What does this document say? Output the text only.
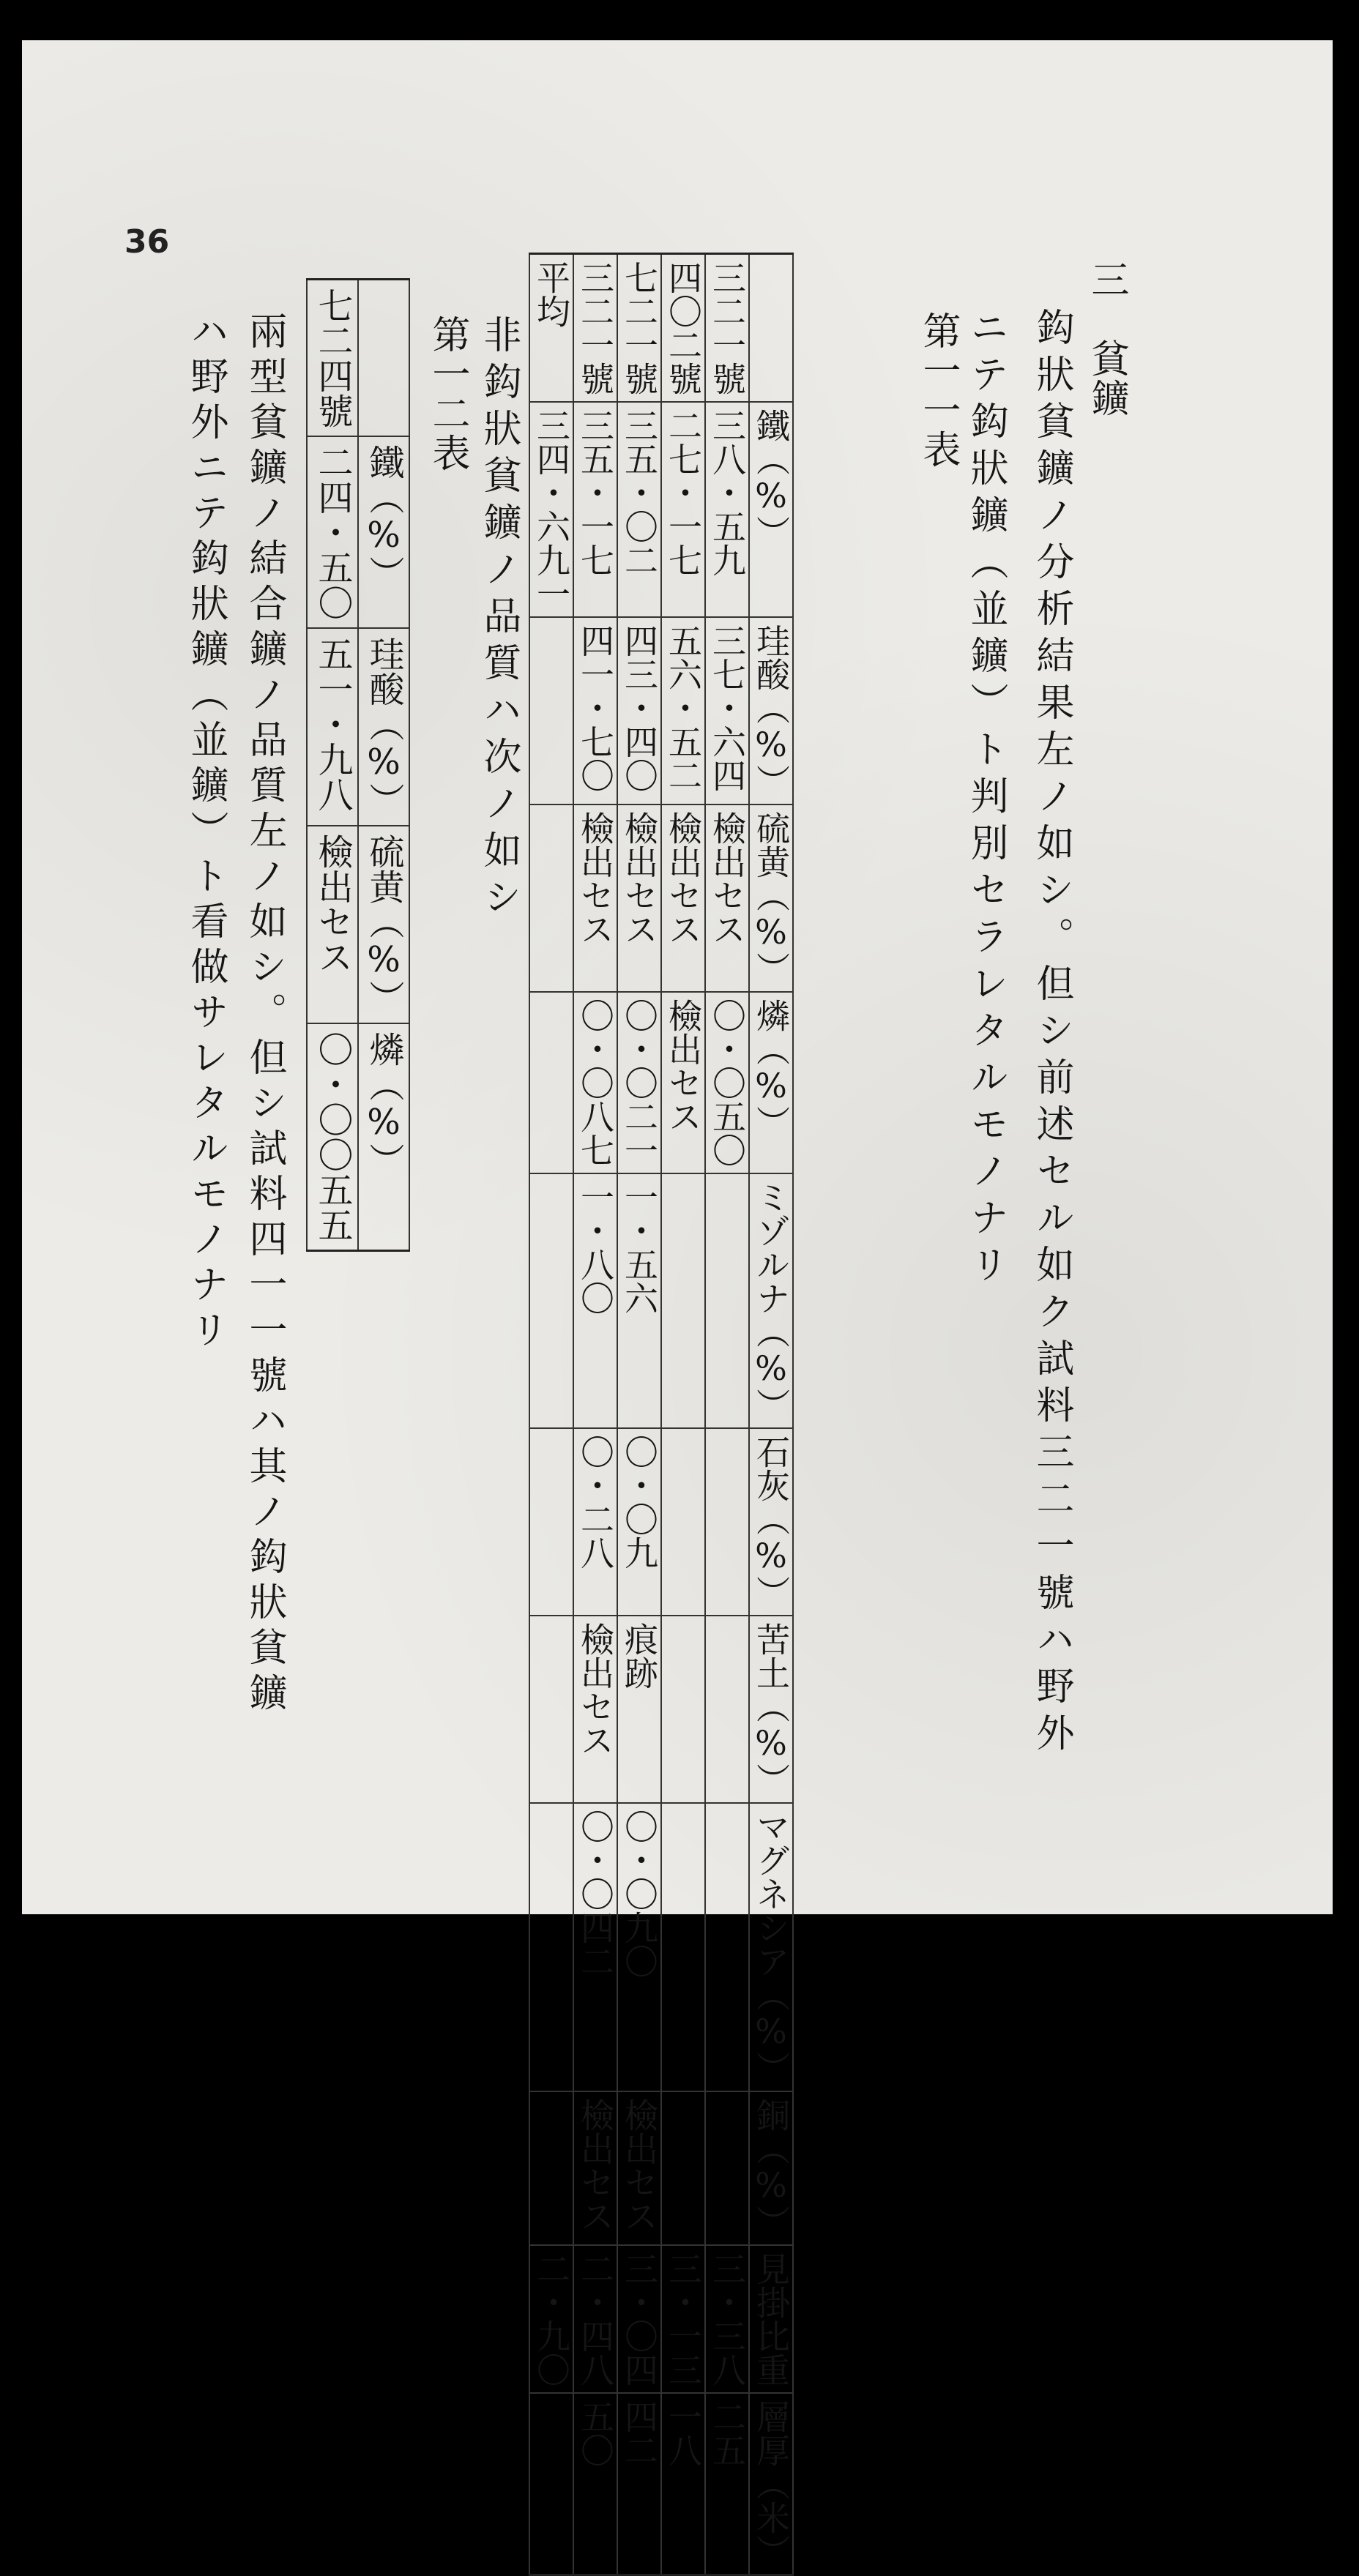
36
三　貧鑛
鈎狀貧鑛ノ分析結果左ノ如シ。但シ前述セル如ク試料三二一號ハ野外
ニテ鈎狀鑛（並鑛）ト判別セラレタルモノナリ
第一一表
	鐵（%）	珪酸（%）	硫黄（%）	燐（%）	ミゾルナ（%）	石灰（%）	苦土（%）	マグネシア（%）	銅（%）	見掛比重	層厚（米）
三二一號	三八・五九	三七・六四	檢出セス	〇・〇五〇						三・三八	二五
四〇二號	二七・一七	五六・五二	檢出セス	檢出セス						三・一三	一八
七二一號	三五・〇二	四三・四〇	檢出セス	〇・〇二一	一・五六	〇・〇九	痕跡	〇・〇九〇	檢出セス	三・〇四	四二
三二一號	三五・一七	四一・七〇	檢出セス	〇・〇八七	一・八〇	〇・二八	檢出セス	〇・〇四二	檢出セス	二・四八	五〇
平均	三四・六九一									二・九〇	
非鈎狀貧鑛ノ品質ハ次ノ如シ
第一二表
	鐵（%）	珪酸（%）	硫黄（%）	燐（%）
七二四號	二四・五〇	五一・九八	檢出セス	〇・〇〇五五
兩型貧鑛ノ結合鑛ノ品質左ノ如シ。但シ試料四一一號ハ其ノ鈎狀貧鑛
ハ野外ニテ鈎狀鑛（並鑛）ト看做サレタルモノナリ
